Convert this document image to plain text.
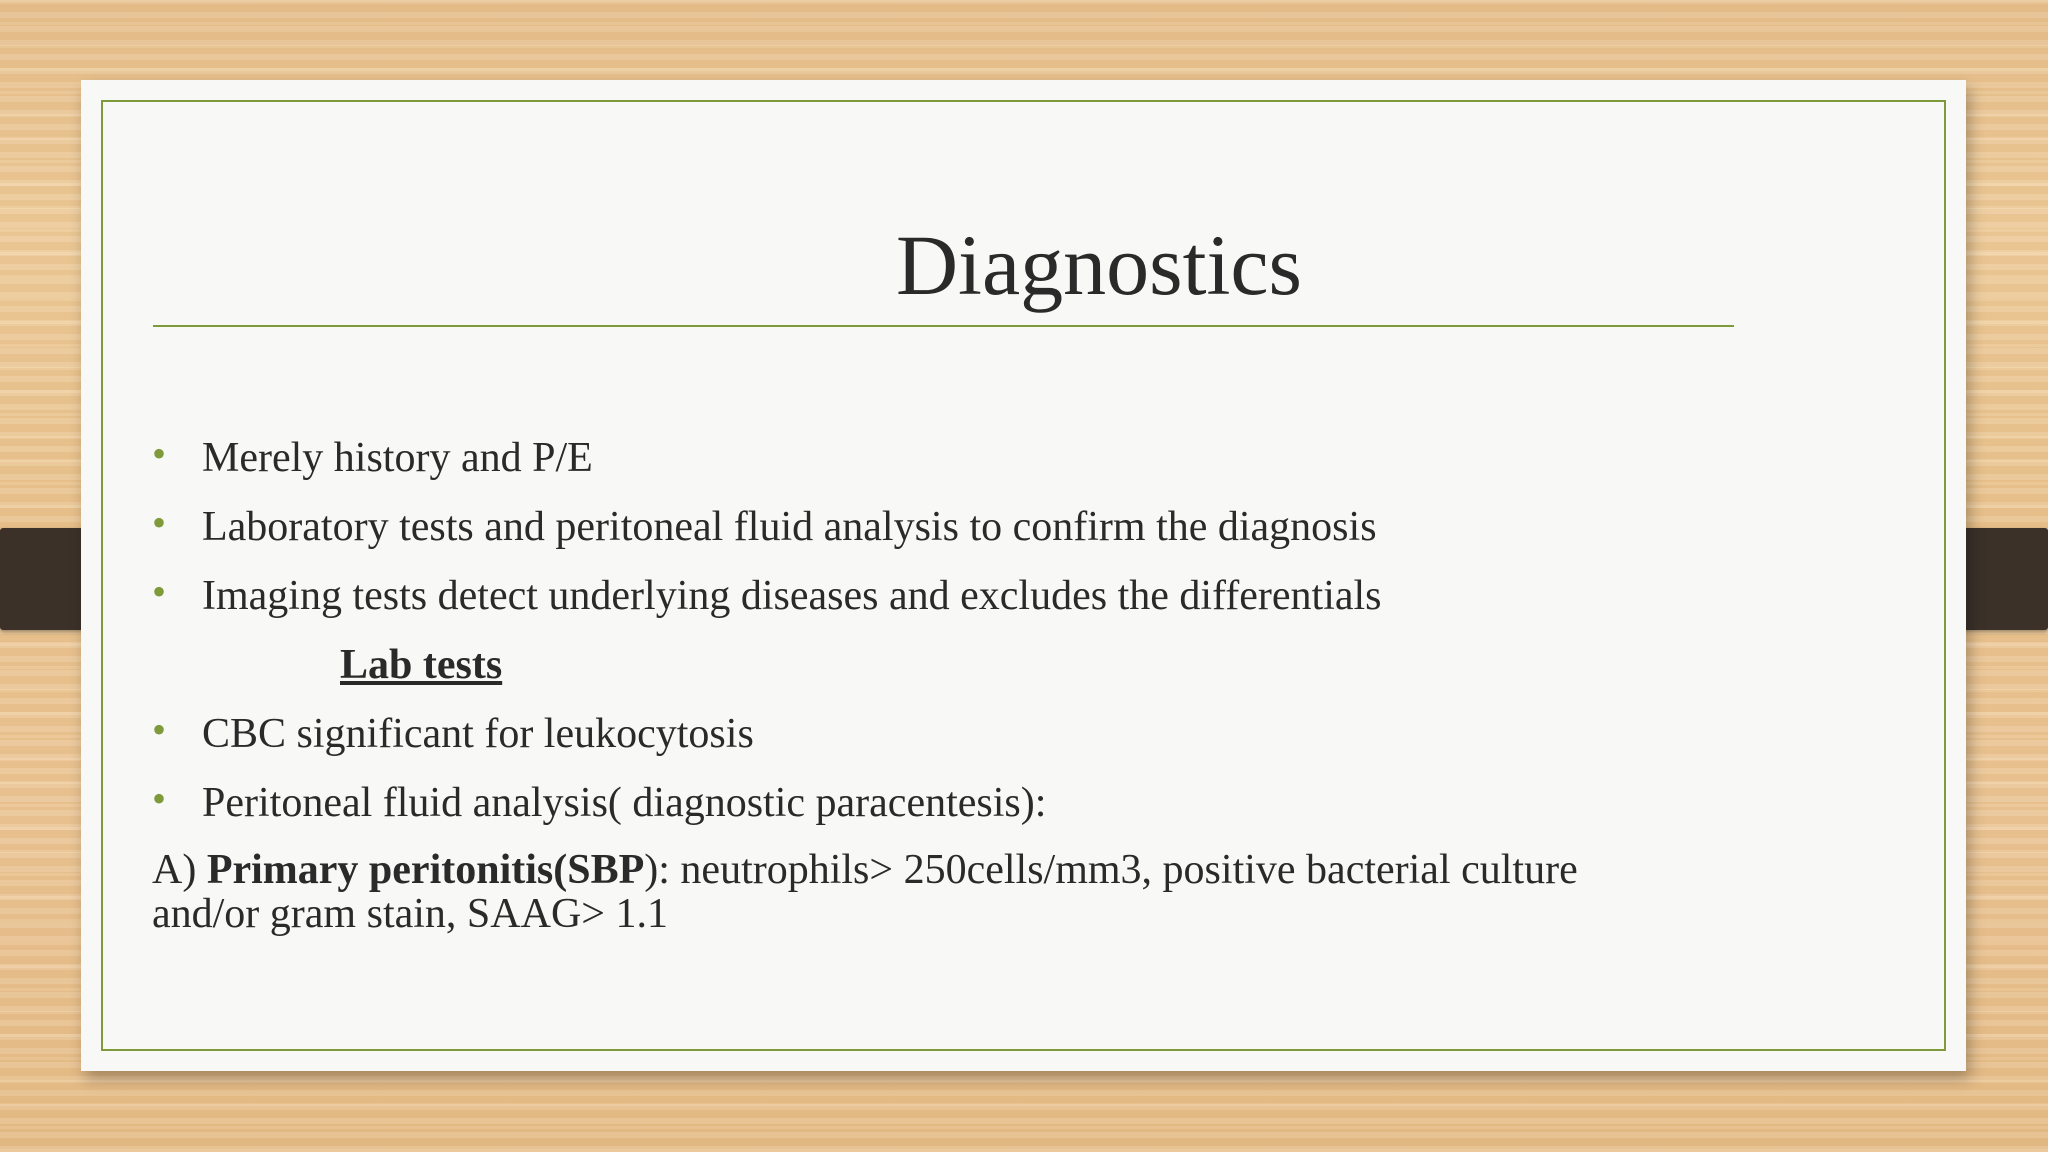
Diagnostics
• Merely history and P/E
• Laboratory tests and peritoneal fluid analysis to confirm the diagnosis
• Imaging tests detect underlying diseases and excludes the differentials
Lab tests
• CBC significant for leukocytosis
• Peritoneal fluid analysis( diagnostic paracentesis):
A) Primary peritonitis(SBP): neutrophils> 250cells/mm3, positive bacterial culture
and/or gram stain, SAAG> 1.1
